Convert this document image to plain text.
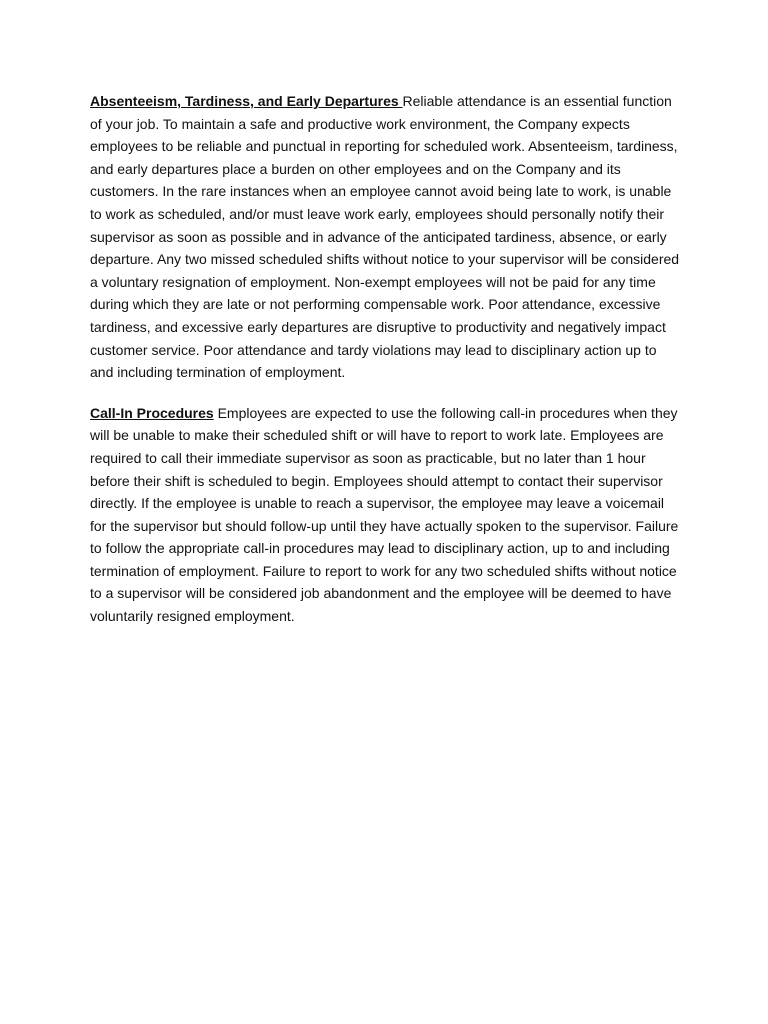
Absenteeism, Tardiness, and Early Departures Reliable attendance is an essential function of your job. To maintain a safe and productive work environment, the Company expects employees to be reliable and punctual in reporting for scheduled work. Absenteeism, tardiness, and early departures place a burden on other employees and on the Company and its customers. In the rare instances when an employee cannot avoid being late to work, is unable to work as scheduled, and/or must leave work early, employees should personally notify their supervisor as soon as possible and in advance of the anticipated tardiness, absence, or early departure. Any two missed scheduled shifts without notice to your supervisor will be considered a voluntary resignation of employment. Non-exempt employees will not be paid for any time during which they are late or not performing compensable work. Poor attendance, excessive tardiness, and excessive early departures are disruptive to productivity and negatively impact customer service. Poor attendance and tardy violations may lead to disciplinary action up to and including termination of employment.

Call-In Procedures Employees are expected to use the following call-in procedures when they will be unable to make their scheduled shift or will have to report to work late. Employees are required to call their immediate supervisor as soon as practicable, but no later than 1 hour before their shift is scheduled to begin. Employees should attempt to contact their supervisor directly. If the employee is unable to reach a supervisor, the employee may leave a voicemail for the supervisor but should follow-up until they have actually spoken to the supervisor. Failure to follow the appropriate call-in procedures may lead to disciplinary action, up to and including termination of employment. Failure to report to work for any two scheduled shifts without notice to a supervisor will be considered job abandonment and the employee will be deemed to have voluntarily resigned employment.
